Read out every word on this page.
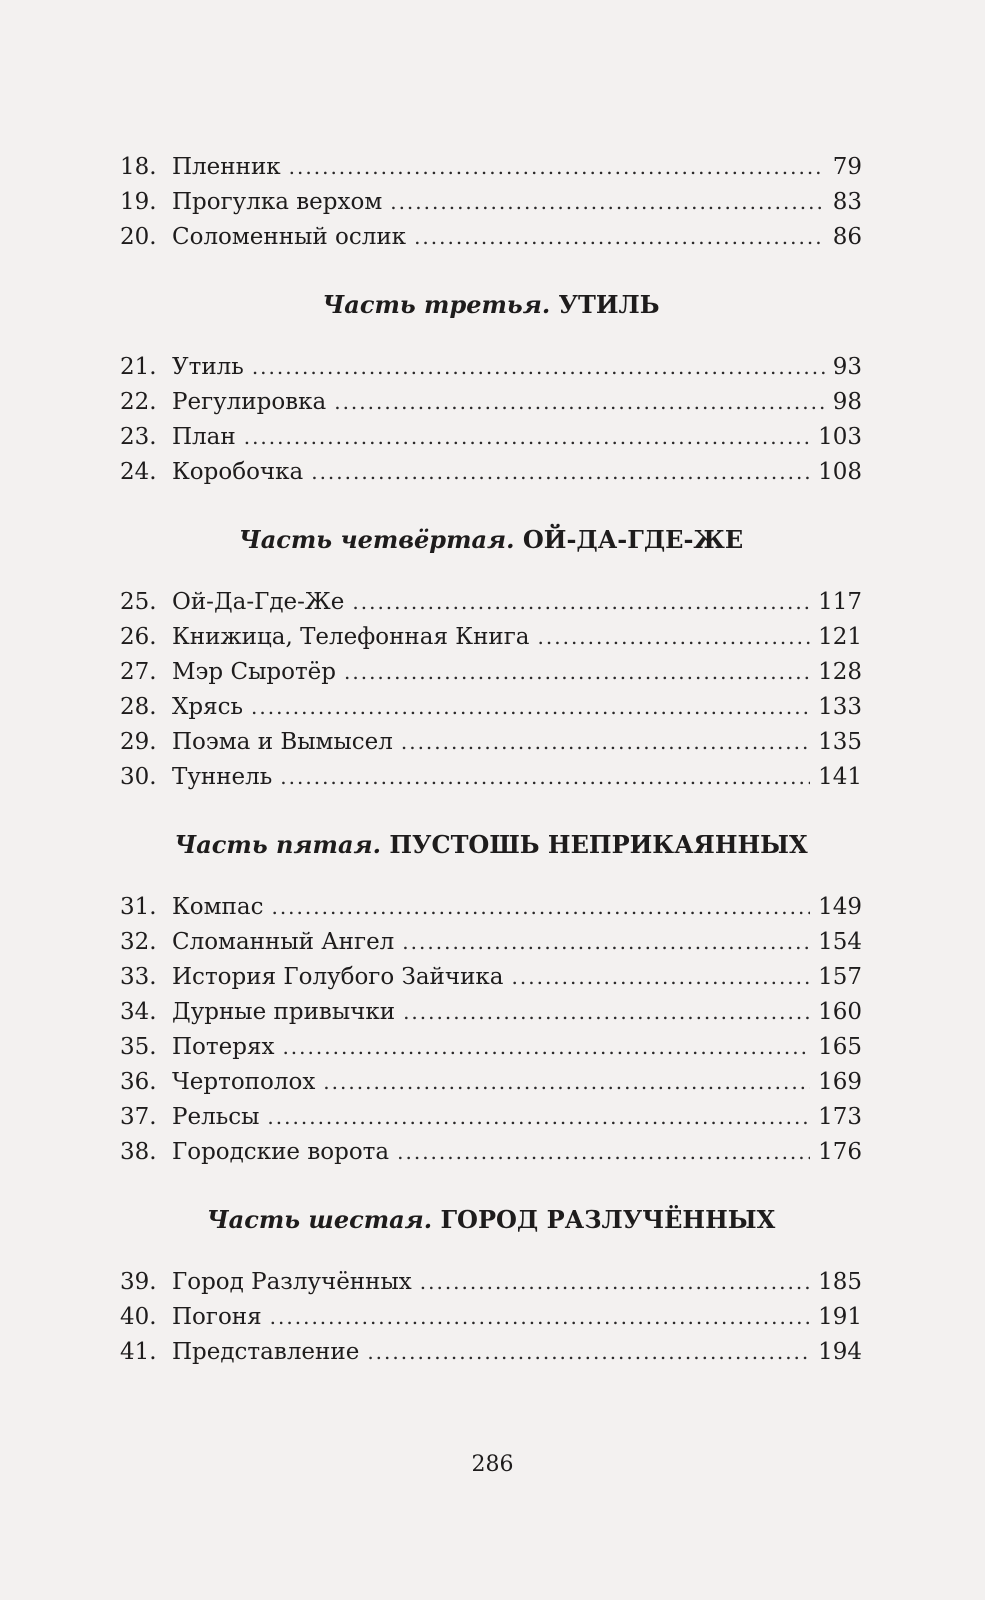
18. Пленник .....	79
19. Прогулка верхом .....	83
20. Соломенный ослик .....	86
Часть третья. УТИЛЬ
21. Утиль .....	93
22. Регулировка .....	98
23. План .....	103
24. Коробочка .....	108
Часть четвёртая. ОЙ-ДА-ГДЕ-ЖЕ
25. Ой-Да-Где-Же .....	117
26. Книжица, Телефонная Книга .....	121
27. Мэр Сыротёр .....	128
28. Хрясь .....	133
29. Поэма и Вымысел .....	135
30. Туннель .....	141
Часть пятая. ПУСТОШЬ НЕПРИКАЯННЫХ
31. Компас .....	149
32. Сломанный Ангел .....	154
33. История Голубого Зайчика .....	157
34. Дурные привычки .....	160
35. Потерях .....	165
36. Чертополох .....	169
37. Рельсы .....	173
38. Городские ворота .....	176
Часть шестая. ГОРОД РАЗЛУЧЁННЫХ
39. Город Разлучённых .....	185
40. Погоня .....	191
41. Представление .....	194
286
